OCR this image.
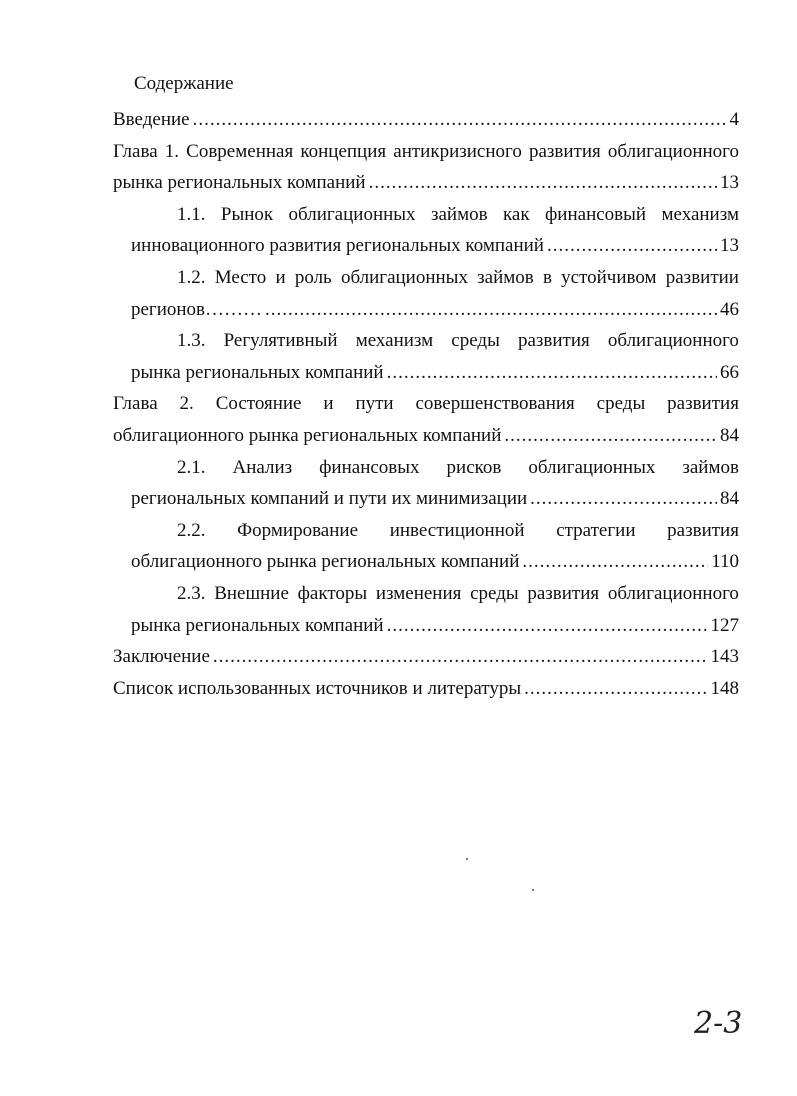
Содержание
Введение .....	4
Глава 1. Современная концепция антикризисного развития облигационного
рынка региональных компаний .....	13
1.1. Рынок облигационных займов как финансовый механизм
инновационного развития региональных компаний .....	13
1.2. Место и роль облигационных займов в устойчивом развитии
регионов……… .....	46
1.3. Регулятивный механизм среды развития облигационного
рынка региональных компаний .....	66
Глава 2. Состояние и пути совершенствования среды развития
облигационного рынка региональных компаний .....	84
2.1. Анализ финансовых рисков облигационных займов
региональных компаний и пути их минимизации .....	84
2.2. Формирование инвестиционной стратегии развития
облигационного рынка региональных компаний .....	110
2.3. Внешние факторы изменения среды развития облигационного
рынка региональных компаний .....	127
Заключение .....	143
Список использованных источников и литературы .....	148
2-3
